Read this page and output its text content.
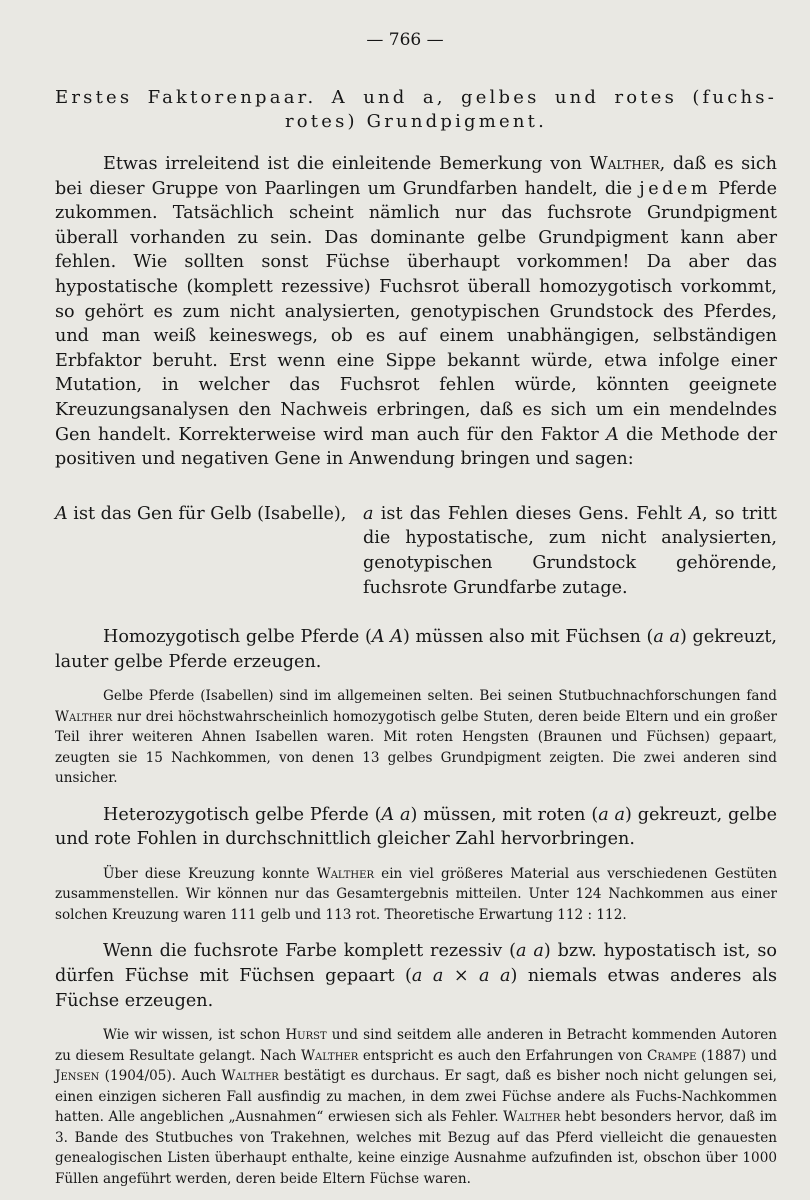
— 766 —
Erstes Faktorenpaar. A und a, gelbes und rotes (fuchs-
rotes) Grundpigment.

Etwas irreleitend ist die einleitende Bemerkung von Walther, daß es sich bei dieser Gruppe von Paarlingen um Grundfarben handelt, die jedem Pferde zukommen. Tatsächlich scheint nämlich nur das fuchsrote Grundpigment überall vorhanden zu sein. Das dominante gelbe Grundpigment kann aber fehlen. Wie sollten sonst Füchse überhaupt vorkommen! Da aber das hypostatische (komplett rezessive) Fuchsrot überall homozygotisch vorkommt, so gehört es zum nicht analysierten, genotypischen Grundstock des Pferdes, und man weiß keineswegs, ob es auf einem unabhängigen, selbständigen Erbfaktor beruht. Erst wenn eine Sippe bekannt würde, etwa infolge einer Mutation, in welcher das Fuchsrot fehlen würde, könnten geeignete Kreuzungsanalysen den Nachweis erbringen, daß es sich um ein mendelndes Gen handelt. Korrekterweise wird man auch für den Faktor A die Methode der positiven und negativen Gene in Anwendung bringen und sagen:

A ist das Gen für Gelb (Isabelle), a ist das Fehlen dieses Gens. Fehlt A, so tritt die hypostatische, zum nicht analysierten, genotypischen Grundstock gehörende, fuchsrote Grundfarbe zutage.

Homozygotisch gelbe Pferde (A A) müssen also mit Füchsen (a a) gekreuzt, lauter gelbe Pferde erzeugen.

Gelbe Pferde (Isabellen) sind im allgemeinen selten. Bei seinen Stutbuchnachforschungen fand Walther nur drei höchstwahrscheinlich homozygotisch gelbe Stuten, deren beide Eltern und ein großer Teil ihrer weiteren Ahnen Isabellen waren. Mit roten Hengsten (Braunen und Füchsen) gepaart, zeugten sie 15 Nachkommen, von denen 13 gelbes Grundpigment zeigten. Die zwei anderen sind unsicher.

Heterozygotisch gelbe Pferde (A a) müssen, mit roten (a a) gekreuzt, gelbe und rote Fohlen in durchschnittlich gleicher Zahl hervorbringen.

Über diese Kreuzung konnte Walther ein viel größeres Material aus verschiedenen Gestüten zusammenstellen. Wir können nur das Gesamtergebnis mitteilen. Unter 124 Nachkommen aus einer solchen Kreuzung waren 111 gelb und 113 rot. Theoretische Erwartung 112 : 112.

Wenn die fuchsrote Farbe komplett rezessiv (a a) bzw. hypostatisch ist, so dürfen Füchse mit Füchsen gepaart (a a × a a) niemals etwas anderes als Füchse erzeugen.

Wie wir wissen, ist schon Hurst und sind seitdem alle anderen in Betracht kommenden Autoren zu diesem Resultate gelangt. Nach Walther entspricht es auch den Erfahrungen von Crampe (1887) und Jensen (1904/05). Auch Walther bestätigt es durchaus. Er sagt, daß es bisher noch nicht gelungen sei, einen einzigen sicheren Fall ausfindig zu machen, in dem zwei Füchse andere als Fuchs-Nachkommen hatten. Alle angeblichen „Ausnahmen“ erwiesen sich als Fehler. Walther hebt besonders hervor, daß im 3. Bande des Stutbuches von Trakehnen, welches mit Bezug auf das Pferd vielleicht die genauesten genealogischen Listen überhaupt enthalte, keine einzige Ausnahme aufzufinden ist, obschon über 1000 Füllen angeführt werden, deren beide Eltern Füchse waren.
